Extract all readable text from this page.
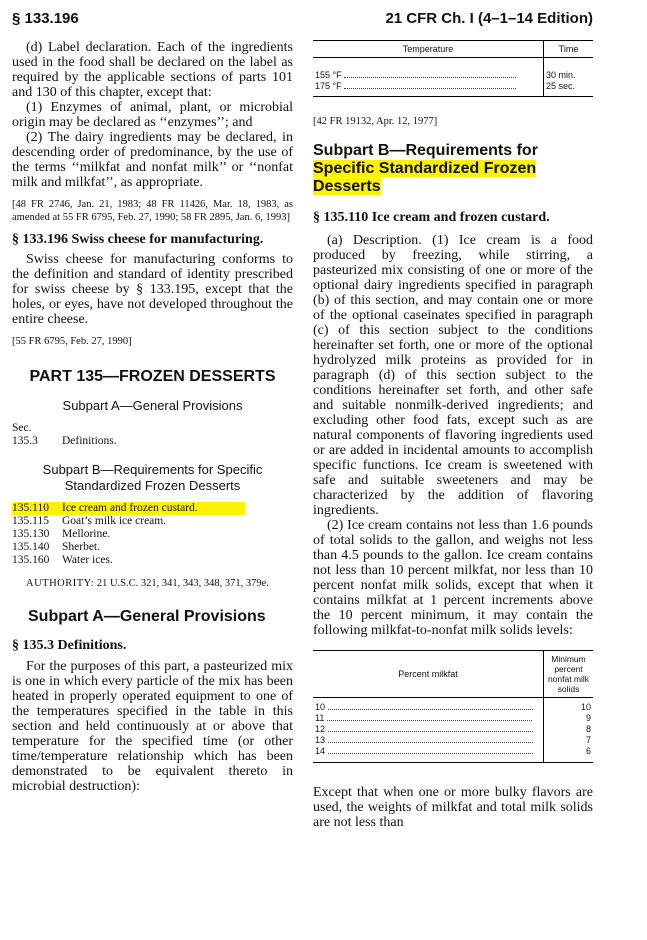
§ 133.196	21 CFR Ch. I (4–1–14 Edition)

(d) Label declaration. Each of the ingredients used in the food shall be declared on the label as required by the applicable sections of parts 101 and 130 of this chapter, except that:

(1) Enzymes of animal, plant, or microbial origin may be declared as ‘‘enzymes’’; and

(2) The dairy ingredients may be declared, in descending order of predominance, by the use of the terms ‘‘milkfat and nonfat milk’’ or ‘‘nonfat milk and milkfat’’, as appropriate.

[48 FR 2746, Jan. 21, 1983; 48 FR 11426, Mar. 18, 1983, as amended at 55 FR 6795, Feb. 27, 1990; 58 FR 2895, Jan. 6, 1993]

§ 133.196 Swiss cheese for manufacturing.

Swiss cheese for manufacturing conforms to the definition and standard of identity prescribed for swiss cheese by § 133.195, except that the holes, or eyes, have not developed throughout the entire cheese.

[55 FR 6795, Feb. 27, 1990]

PART 135—FROZEN DESSERTS
Subpart A—General Provisions
Sec.
135.3 Definitions.
Subpart B—Requirements for Specific Standardized Frozen Desserts
135.110 Ice cream and frozen custard.
135.115 Goat’s milk ice cream.
135.130 Mellorine.
135.140 Sherbet.
135.160 Water ices.

AUTHORITY: 21 U.S.C. 321, 341, 343, 348, 371, 379e.

Subpart A—General Provisions

§ 135.3 Definitions.

For the purposes of this part, a pasteurized mix is one in which every particle of the mix has been heated in properly operated equipment to one of the temperatures specified in the table in this section and held continuously at or above that temperature for the specified time (or other time/temperature relationship which has been demonstrated to be equivalent thereto in microbial destruction):

Temperature	Time
155 °F	30 min.
175 °F	25 sec.

[42 FR 19132, Apr. 12, 1977]

Subpart B—Requirements for Specific Standardized Frozen Desserts

§ 135.110 Ice cream and frozen custard.

(a) Description. (1) Ice cream is a food produced by freezing, while stirring, a pasteurized mix consisting of one or more of the optional dairy ingredients specified in paragraph (b) of this section, and may contain one or more of the optional caseinates specified in paragraph (c) of this section subject to the conditions hereinafter set forth, one or more of the optional hydrolyzed milk proteins as provided for in paragraph (d) of this section subject to the conditions hereinafter set forth, and other safe and suitable nonmilk-derived ingredients; and excluding other food fats, except such as are natural components of flavoring ingredients used or are added in incidental amounts to accomplish specific functions. Ice cream is sweetened with safe and suitable sweeteners and may be characterized by the addition of flavoring ingredients.

(2) Ice cream contains not less than 1.6 pounds of total solids to the gallon, and weighs not less than 4.5 pounds to the gallon. Ice cream contains not less than 10 percent milkfat, nor less than 10 percent nonfat milk solids, except that when it contains milkfat at 1 percent increments above the 10 percent minimum, it may contain the following milkfat-to-nonfat milk solids levels:

Percent milkfat	Minimum percent nonfat milk solids
10	10
11	9
12	8
13	7
14	6

Except that when one or more bulky flavors are used, the weights of milkfat and total milk solids are not less than
